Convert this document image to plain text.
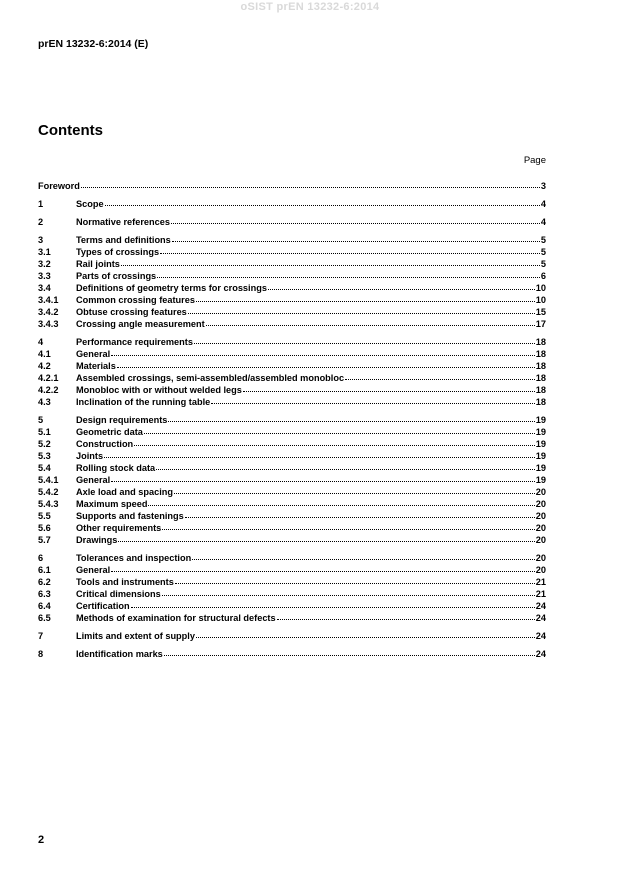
oSIST prEN 13232-6:2014
prEN 13232-6:2014 (E)
Contents
Page
Foreword	3
1	Scope	4
2	Normative references	4
3	Terms and definitions	5
3.1	Types of crossings	5
3.2	Rail joints	5
3.3	Parts of crossings	6
3.4	Definitions of geometry terms for crossings	10
3.4.1	Common crossing features	10
3.4.2	Obtuse crossing features	15
3.4.3	Crossing angle measurement	17
4	Performance requirements	18
4.1	General	18
4.2	Materials	18
4.2.1	Assembled crossings, semi-assembled/assembled monobloc	18
4.2.2	Monobloc with or without welded legs	18
4.3	Inclination of the running table	18
5	Design requirements	19
5.1	Geometric data	19
5.2	Construction	19
5.3	Joints	19
5.4	Rolling stock data	19
5.4.1	General	19
5.4.2	Axle load and spacing	20
5.4.3	Maximum speed	20
5.5	Supports and fastenings	20
5.6	Other requirements	20
5.7	Drawings	20
6	Tolerances and inspection	20
6.1	General	20
6.2	Tools and instruments	21
6.3	Critical dimensions	21
6.4	Certification	24
6.5	Methods of examination for structural defects	24
7	Limits and extent of supply	24
8	Identification marks	24
2
